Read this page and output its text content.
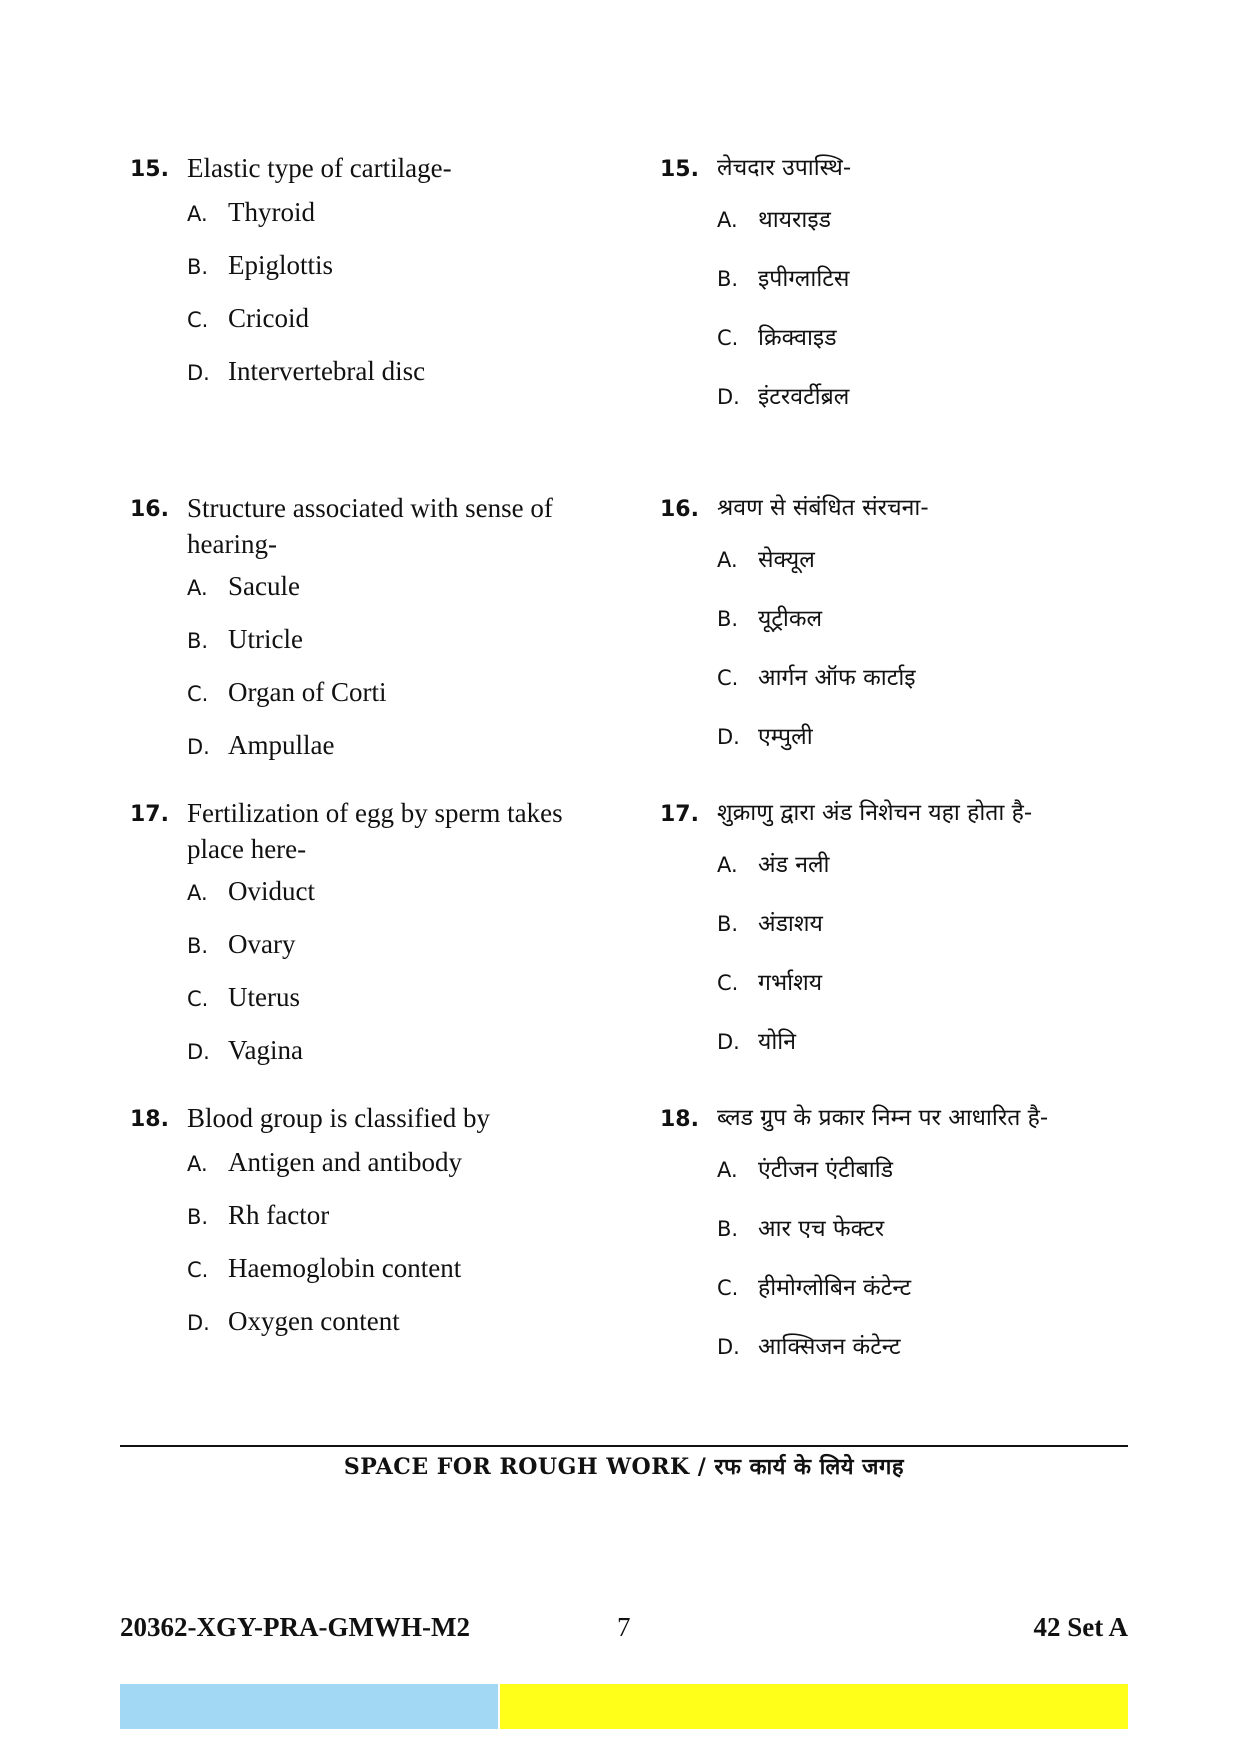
15. Elastic type of cartilage-
A. Thyroid
B. Epiglottis
C. Cricoid
D. Intervertebral disc
16. Structure associated with sense of hearing-
A. Sacule
B. Utricle
C. Organ of Corti
D. Ampullae
17. Fertilization of egg by sperm takes place here-
A. Oviduct
B. Ovary
C. Uterus
D. Vagina
18. Blood group is classified by
A. Antigen and antibody
B. Rh factor
C. Haemoglobin content
D. Oxygen content
15. लेचदार उपास्थि-
A. थायराइड
B. इपीग्लाटिस
C. क्रिक्वाइड
D. इंटरवर्टीब्रल
16. श्रवण से संबंधित संरचना-
A. सेक्यूल
B. यूट्रीकल
C. आर्गन ऑफ कार्टाइ
D. एम्पुली
17. शुक्राणु द्वारा अंड निशेचन यहा होता है-
A. अंड नली
B. अंडाशय
C. गर्भाशय
D. योनि
18. ब्लड ग्रुप के प्रकार निम्न पर आधारित है-
A. एंटीजन एंटीबाडि
B. आर एच फेक्टर
C. हीमोग्लोबिन कंटेन्ट
D. आक्सिजन कंटेन्ट
SPACE FOR ROUGH WORK / रफ कार्य के लिये जगह
20362-XGY-PRA-GMWH-M2	7	42 Set A
